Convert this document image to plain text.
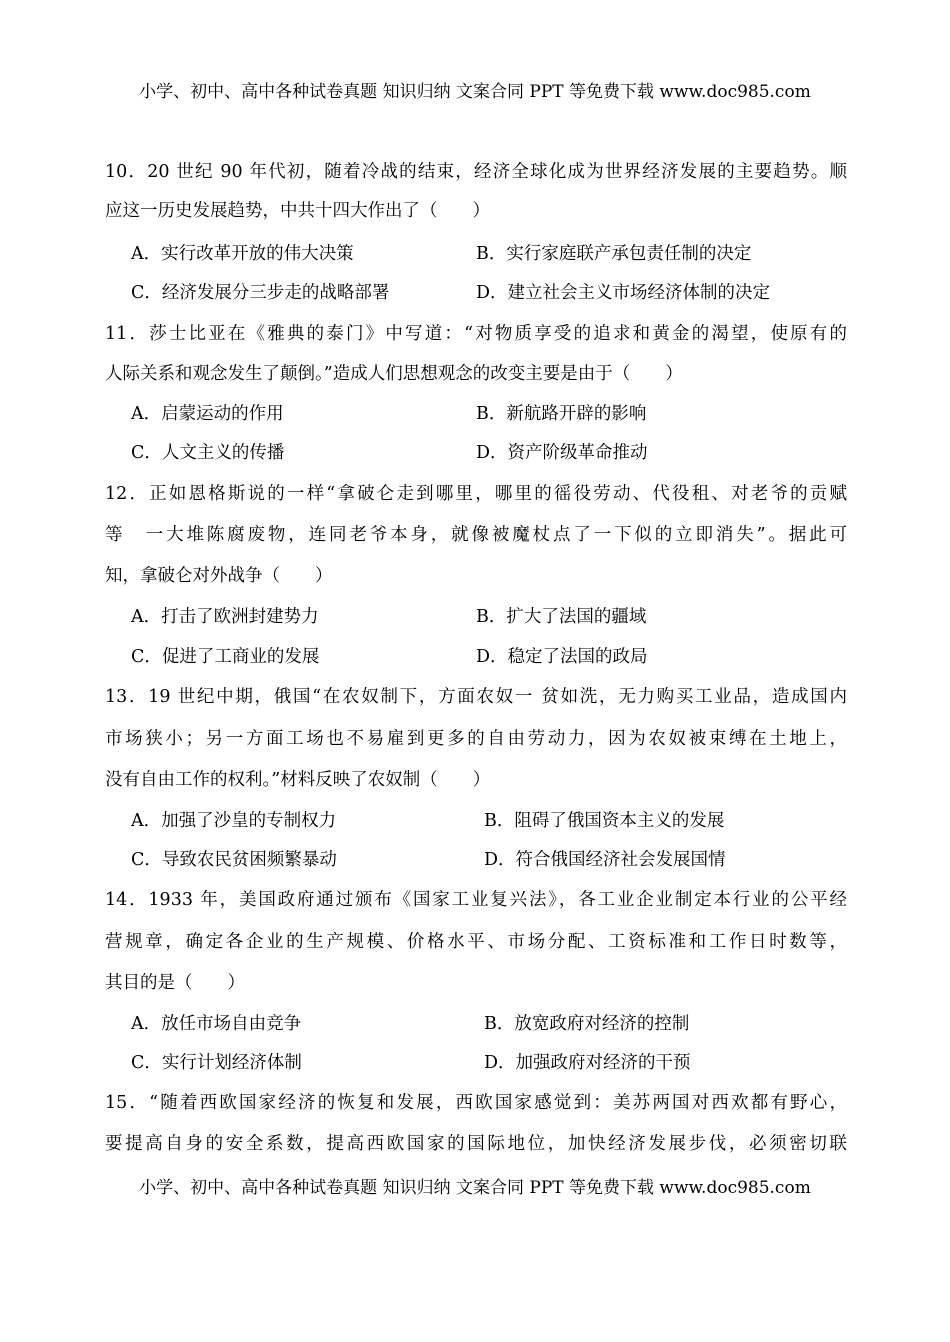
小学、初中、高中各种试卷真题 知识归纳 文案合同 PPT 等免费下载 www.doc985.com
10．20 世纪 90 年代初，随着冷战的结束，经济全球化成为世界经济发展的主要趋势。顺
应这一历史发展趋势，中共十四大作出了（　　）
A．实行改革开放的伟大决策	B．实行家庭联产承包责任制的决定
C．经济发展分三步走的战略部署	D．建立社会主义市场经济体制的决定
11．莎士比亚在《雅典的泰门》中写道：“对物质享受的追求和黄金的渴望，使原有的
人际关系和观念发生了颠倒。”造成人们思想观念的改变主要是由于（　　）
A．启蒙运动的作用	B．新航路开辟的影响
C．人文主义的传播	D．资产阶级革命推动
12．正如恩格斯说的一样“拿破仑走到哪里，哪里的徭役劳动、代役租、对老爷的贡赋
等　一大堆陈腐废物，连同老爷本身，就像被魔杖点了一下似的立即消失”。据此可
知，拿破仑对外战争（　　）
A．打击了欧洲封建势力	B．扩大了法国的疆域
C．促进了工商业的发展	D．稳定了法国的政局
13．19 世纪中期，俄国“在农奴制下，方面农奴一 贫如洗，无力购买工业品，造成国内
市场狭小；另一方面工场也不易雇到更多的自由劳动力，因为农奴被束缚在土地上，
没有自由工作的权利。”材料反映了农奴制（　　）
A．加强了沙皇的专制权力	B．阻碍了俄国资本主义的发展
C．导致农民贫困频繁暴动	D．符合俄国经济社会发展国情
14．1933 年，美国政府通过颁布《国家工业复兴法》，各工业企业制定本行业的公平经
营规章，确定各企业的生产规模、价格水平、市场分配、工资标准和工作日时数等，
其目的是（　　）
A．放任市场自由竞争	B．放宽政府对经济的控制
C．实行计划经济体制	D．加强政府对经济的干预
15．“随着西欧国家经济的恢复和发展，西欧国家感觉到：美苏两国对西欢都有野心，
要提高自身的安全系数，提高西欧国家的国际地位，加快经济发展步伐，必须密切联
小学、初中、高中各种试卷真题 知识归纳 文案合同 PPT 等免费下载 www.doc985.com
